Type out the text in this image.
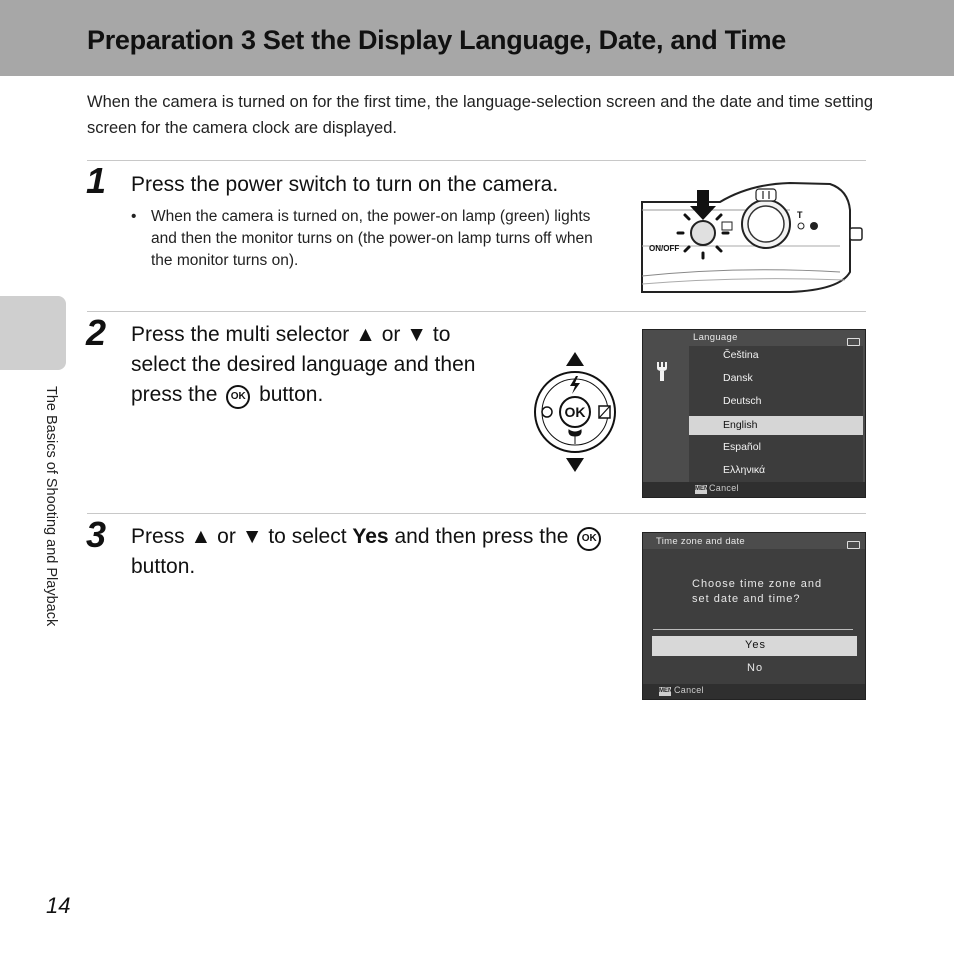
Preparation 3 Set the Display Language, Date, and Time
When the camera is turned on for the first time, the language-selection screen and the date and time setting screen for the camera clock are displayed.
The Basics of Shooting and Playback
1 Press the power switch to turn on the camera.
• When the camera is turned on, the power-on lamp (green) lights and then the monitor turns on (the power-on lamp turns off when the monitor turns on).
ON/OFF
T
2 Press the multi selector ▲ or ▼ to select the desired language and then press the OK button.
OK
Language
Čeština
Dansk
Deutsch
English
Español
Ελληνικά
MENU
Cancel
3 Press ▲ or ▼ to select Yes and then press the OK button.
Time zone and date
Choose time zone and
set date and time?
Yes
No
MENU
Cancel
14
